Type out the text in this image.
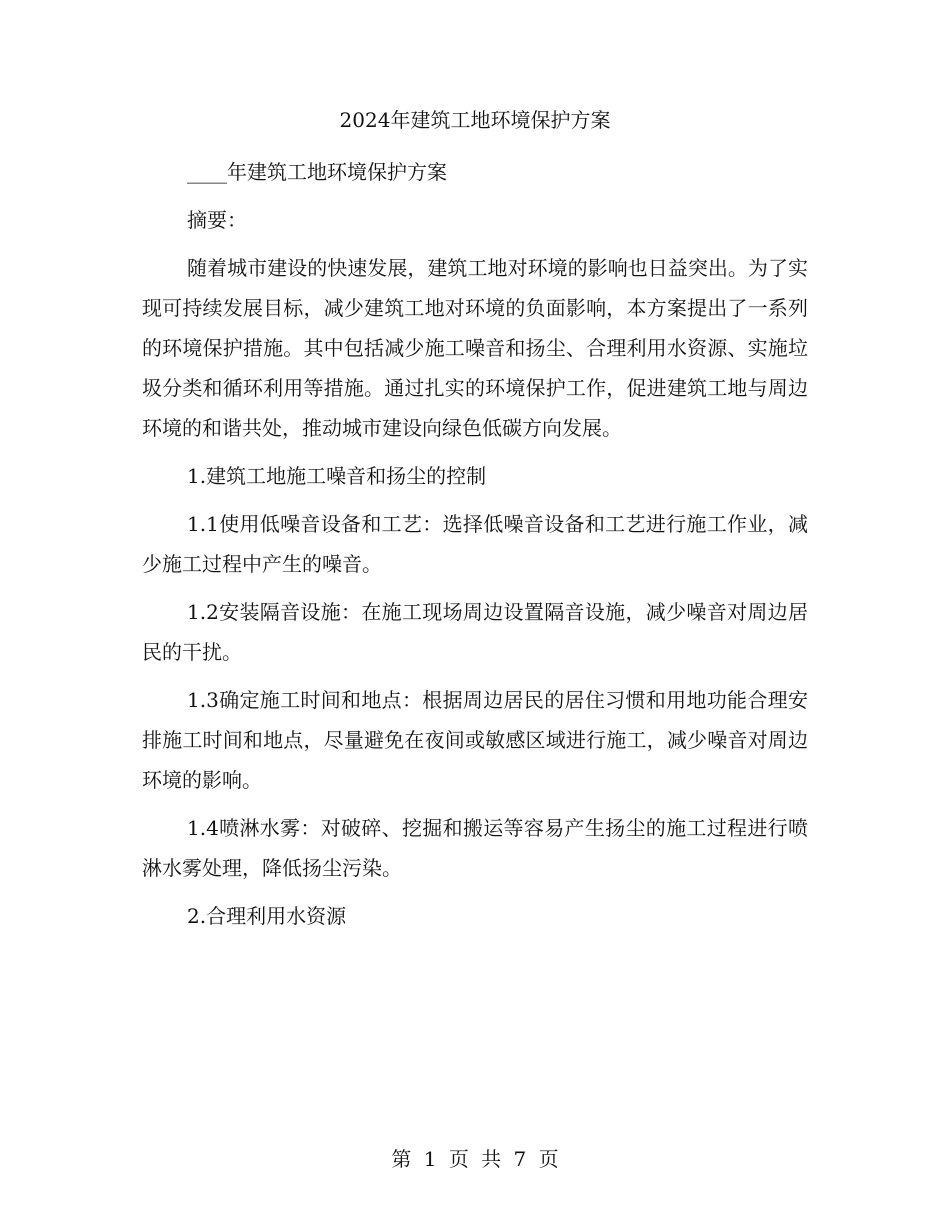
2024年建筑工地环境保护方案

____年建筑工地环境保护方案

摘要：

随着城市建设的快速发展，建筑工地对环境的影响也日益突出。为了实现可持续发展目标，减少建筑工地对环境的负面影响，本方案提出了一系列的环境保护措施。其中包括减少施工噪音和扬尘、合理利用水资源、实施垃圾分类和循环利用等措施。通过扎实的环境保护工作，促进建筑工地与周边环境的和谐共处，推动城市建设向绿色低碳方向发展。

1.建筑工地施工噪音和扬尘的控制

1.1使用低噪音设备和工艺：选择低噪音设备和工艺进行施工作业，减少施工过程中产生的噪音。

1.2安装隔音设施：在施工现场周边设置隔音设施，减少噪音对周边居民的干扰。

1.3确定施工时间和地点：根据周边居民的居住习惯和用地功能合理安排施工时间和地点，尽量避免在夜间或敏感区域进行施工，减少噪音对周边环境的影响。

1.4喷淋水雾：对破碎、挖掘和搬运等容易产生扬尘的施工过程进行喷淋水雾处理，降低扬尘污染。

2.合理利用水资源

第 1 页 共 7 页
